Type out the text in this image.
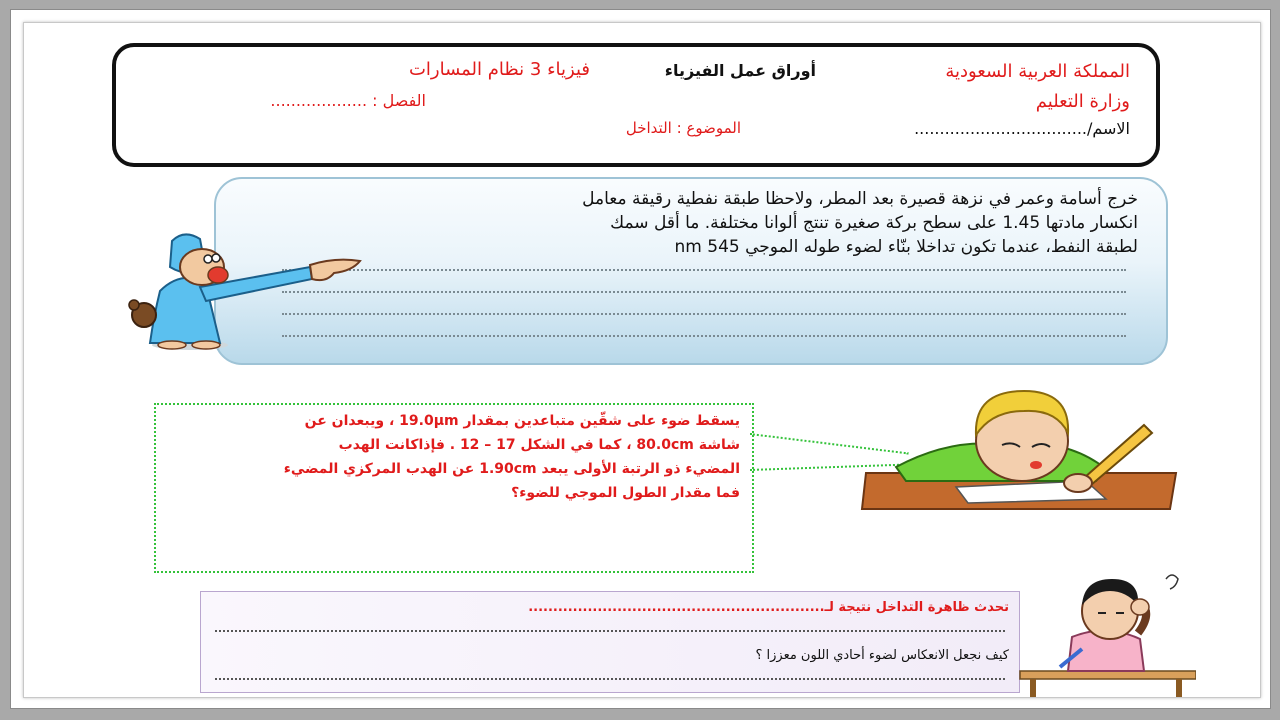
المملكة العربية السعودية
أوراق عمل الفيزياء
فيزياء 3 نظام المسارات
وزارة التعليم
الفصل : ...................
الاسم/..................................
الموضوع : التداخل
خرج أسامة وعمر في نزهة قصيرة بعد المطر، ولاحظا طبقة نفطية رقيقة معامل
انكسار مادتها 1.45 على سطح بركة صغيرة تنتج ألوانا مختلفة. ما أقل سمك
لطبقة النفط، عندما تكون تداخلا بنّاء لضوء طوله الموجي 545 nm
يسقط ضوء على شقّين متباعدين بمقدار 19.0µm ، ويبعدان عن
شاشة 80.0cm ، كما في الشكل 17 – 12 . فإذاكانت الهدب
المضيء ذو الرتبة الأولى يبعد 1.90cm عن الهدب المركزي المضيء
فما مقدار الطول الموجي للضوء؟
تحدث ظاهرة التداخل نتيجة لـ............................................................
كيف نجعل الانعكاس لضوء أحادي اللون معززا ؟
